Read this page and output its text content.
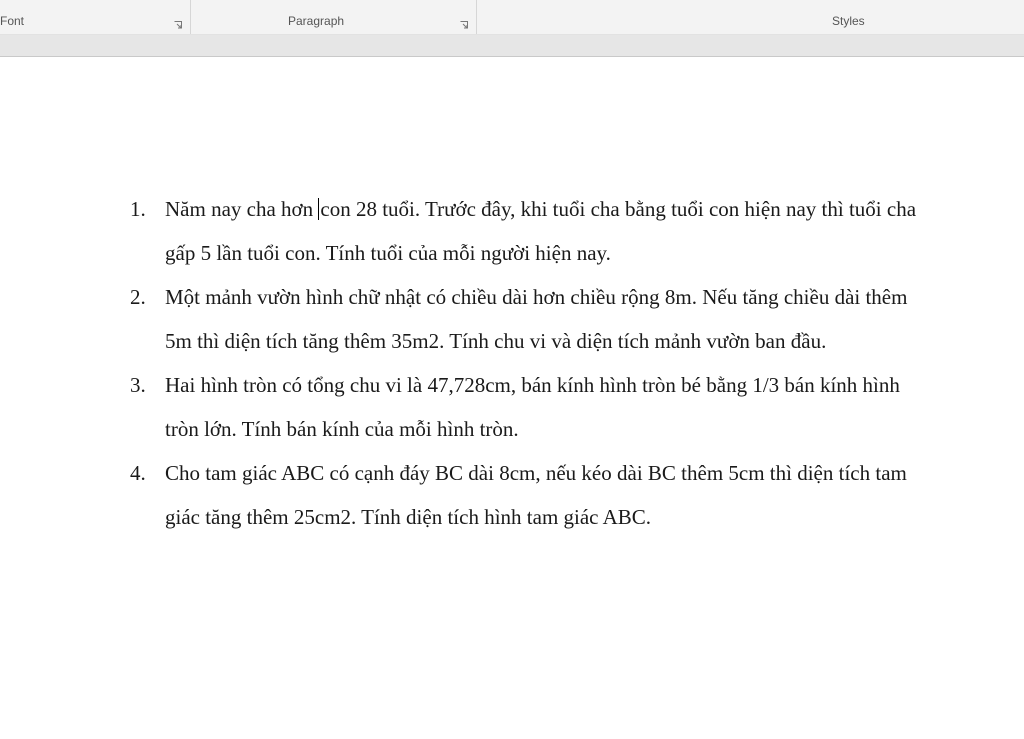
Font	Paragraph	Styles
1. Năm nay cha hơn con 28 tuổi. Trước đây, khi tuổi cha bằng tuổi con hiện nay thì tuổi cha gấp 5 lần tuổi con. Tính tuổi của mỗi người hiện nay.
2. Một mảnh vườn hình chữ nhật có chiều dài hơn chiều rộng 8m. Nếu tăng chiều dài thêm 5m thì diện tích tăng thêm 35m2. Tính chu vi và diện tích mảnh vườn ban đầu.
3. Hai hình tròn có tổng chu vi là 47,728cm, bán kính hình tròn bé bằng 1/3 bán kính hình tròn lớn. Tính bán kính của mỗi hình tròn.
4. Cho tam giác ABC có cạnh đáy BC dài 8cm, nếu kéo dài BC thêm 5cm thì diện tích tam giác tăng thêm 25cm2. Tính diện tích hình tam giác ABC.
